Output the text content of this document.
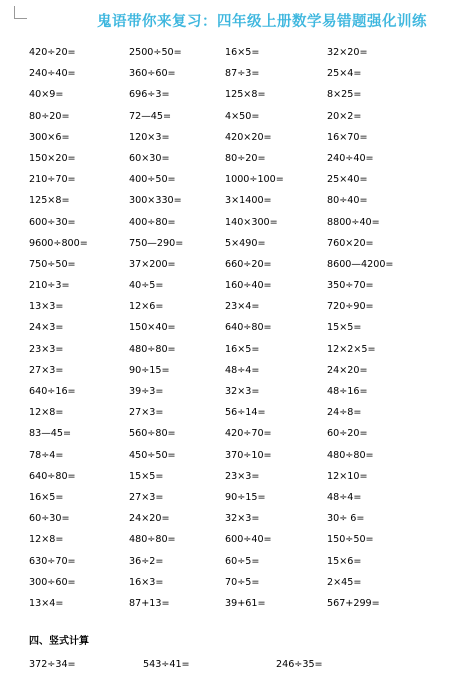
鬼语带你来复习：四年级上册数学易错题强化训练
420÷20=	2500÷50=	16×5=	32×20=
240÷40=	360÷60=	87÷3=	25×4=
40×9=	696÷3=	125×8=	8×25=
80÷20=	72—45=	4×50=	20×2=
300×6=	120×3=	420×20=	16×70=
150×20=	60×30=	80÷20=	240÷40=
210÷70=	400÷50=	1000÷100=	25×40=
125×8=	300×330=	3×1400=	80÷40=
600÷30=	400÷80=	140×300=	8800÷40=
9600÷800=	750—290=	5×490=	760×20=
750÷50=	37×200=	660÷20=	8600—4200=
210÷3=	40÷5=	160÷40=	350÷70=
13×3=	12×6=	23×4=	720÷90=
24×3=	150×40=	640÷80=	15×5=
23×3=	480÷80=	16×5=	12×2×5=
27×3=	90÷15=	48÷4=	24×20=
640÷16=	39÷3=	32×3=	48÷16=
12×8=	27×3=	56÷14=	24÷8=
83—45=	560÷80=	420÷70=	60÷20=
78÷4=	450÷50=	370÷10=	480÷80=
640÷80=	15×5=	23×3=	12×10=
16×5=	27×3=	90÷15=	48÷4=
60÷30=	24×20=	32×3=	30÷ 6=
12×8=	480÷80=	600÷40=	150÷50=
630÷70=	36÷2=	60÷5=	15×6=
300÷60=	16×3=	70÷5=	2×45=
13×4=	87+13=	39+61=	567+299=
四、竖式计算
372÷34=	543÷41=	246÷35=
